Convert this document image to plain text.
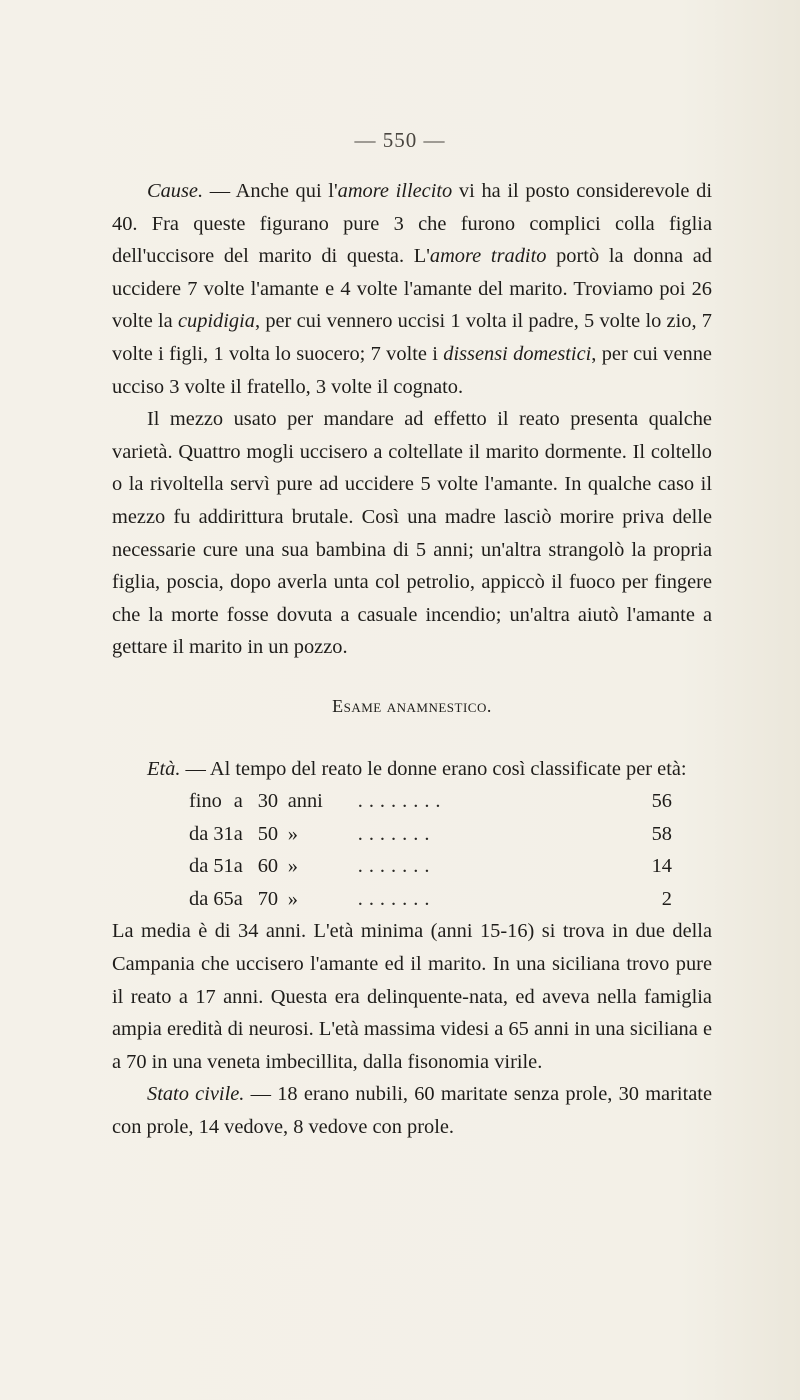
— 550 —

Cause. — Anche qui l'amore illecito vi ha il posto considerevole di 40. Fra queste figurano pure 3 che furono complici colla figlia dell'uccisore del marito di questa. L'amore tradito portò la donna ad uccidere 7 volte l'amante e 4 volte l'amante del marito. Troviamo poi 26 volte la cupidigia, per cui vennero uccisi 1 volta il padre, 5 volte lo zio, 7 volte i figli, 1 volta lo suocero; 7 volte i dissensi domestici, per cui venne ucciso 3 volte il fratello, 3 volte il cognato.

Il mezzo usato per mandare ad effetto il reato presenta qualche varietà. Quattro mogli uccisero a coltellate il marito dormente. Il coltello o la rivoltella servì pure ad uccidere 5 volte l'amante. In qualche caso il mezzo fu addirittura brutale. Così una madre lasciò morire priva delle necessarie cure una sua bambina di 5 anni; un'altra strangolò la propria figlia, poscia, dopo averla unta col petrolio, appiccò il fuoco per fingere che la morte fosse dovuta a casuale incendio; un'altra aiutò l'amante a gettare il marito in un pozzo.

Esame anamnestico.

Età. — Al tempo del reato le donne erano così classificate per età:

fino	a	30	anni	........	56
da 31	a	50	»	.......	58
da 51	a	60	»	.......	14
da 65	a	70	»	.......	2

La media è di 34 anni. L'età minima (anni 15-16) si trova in due della Campania che uccisero l'amante ed il marito. In una siciliana trovo pure il reato a 17 anni. Questa era delinquente-nata, ed aveva nella famiglia ampia eredità di neurosi. L'età massima videsi a 65 anni in una siciliana e a 70 in una veneta imbecillita, dalla fisonomia virile.

Stato civile. — 18 erano nubili, 60 maritate senza prole, 30 maritate con prole, 14 vedove, 8 vedove con prole.
